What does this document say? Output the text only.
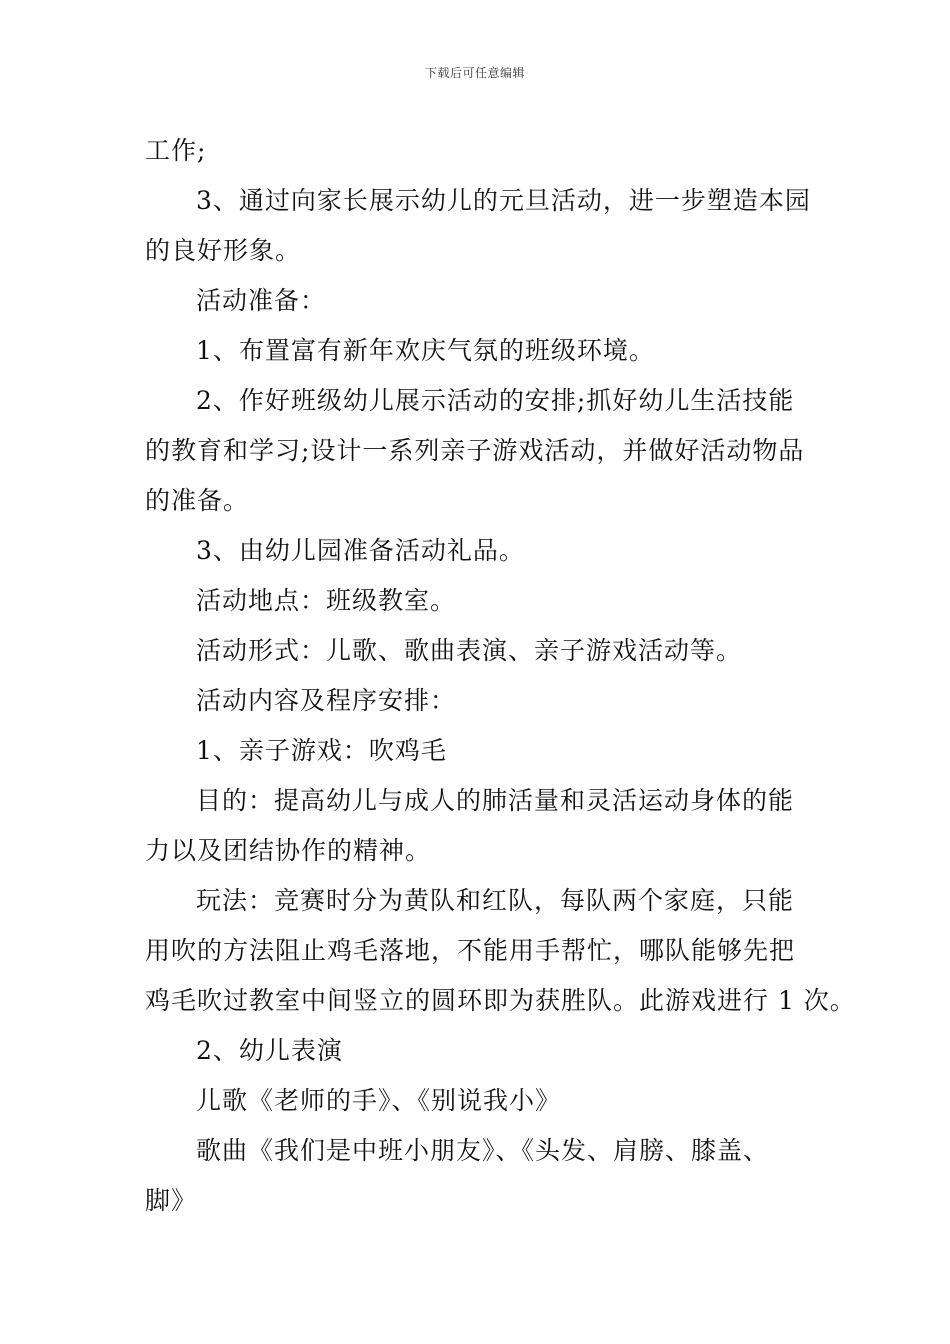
下载后可任意编辑
工作;
3、通过向家长展示幼儿的元旦活动，进一步塑造本园
的良好形象。
活动准备：
1、布置富有新年欢庆气氛的班级环境。
2、作好班级幼儿展示活动的安排;抓好幼儿生活技能
的教育和学习;设计一系列亲子游戏活动，并做好活动物品
的准备。
3、由幼儿园准备活动礼品。
活动地点：班级教室。
活动形式：儿歌、歌曲表演、亲子游戏活动等。
活动内容及程序安排：
1、亲子游戏：吹鸡毛
目的：提高幼儿与成人的肺活量和灵活运动身体的能
力以及团结协作的精神。
玩法：竞赛时分为黄队和红队，每队两个家庭，只能
用吹的方法阻止鸡毛落地，不能用手帮忙，哪队能够先把
鸡毛吹过教室中间竖立的圆环即为获胜队。此游戏进行 1 次。
2、幼儿表演
儿歌《老师的手》、《别说我小》
歌曲《我们是中班小朋友》、《头发、肩膀、膝盖、
脚》
